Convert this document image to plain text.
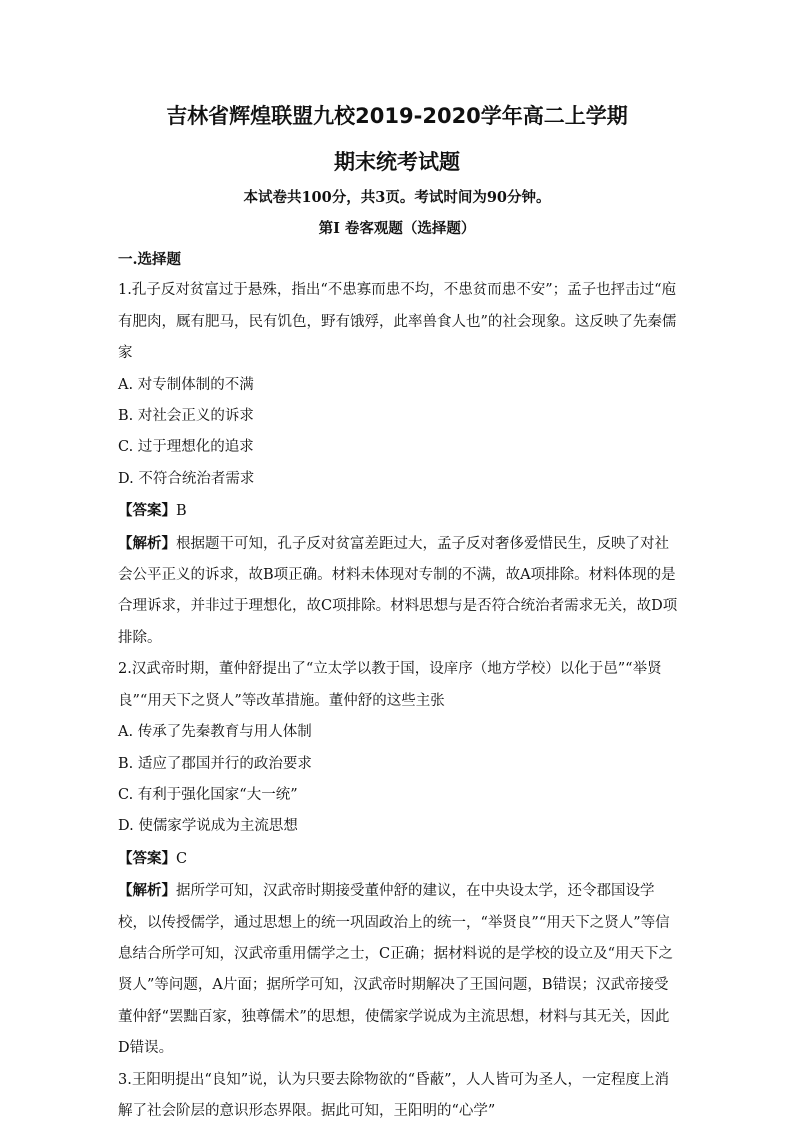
吉林省辉煌联盟九校2019-2020学年高二上学期
期末统考试题
本试卷共100分，共3页。考试时间为90分钟。
第Ⅰ 卷客观题（选择题）

一.选择题

1.孔子反对贫富过于悬殊，指出“不患寡而患不均，不患贫而患不安”；孟子也抨击过“庖有肥肉，厩有肥马，民有饥色，野有饿殍，此率兽食人也”的社会现象。这反映了先秦儒家

A. 对专制体制的不满

B. 对社会正义的诉求

C. 过于理想化的追求

D. 不符合统治者需求

【答案】B

【解析】根据题干可知，孔子反对贫富差距过大，孟子反对奢侈爱惜民生，反映了对社会公平正义的诉求，故B项正确。材料未体现对专制的不满，故A项排除。材料体现的是合理诉求，并非过于理想化，故C项排除。材料思想与是否符合统治者需求无关，故D项排除。

2.汉武帝时期，董仲舒提出了“立太学以教于国，设庠序（地方学校）以化于邑”“举贤良”“用天下之贤人”等改革措施。董仲舒的这些主张

A. 传承了先秦教育与用人体制

B. 适应了郡国并行的政治要求

C. 有利于强化国家“大一统”

D. 使儒家学说成为主流思想

【答案】C

【解析】据所学可知，汉武帝时期接受董仲舒的建议，在中央设太学，还令郡国设学校，以传授儒学，通过思想上的统一巩固政治上的统一，“举贤良”“用天下之贤人”等信息结合所学可知，汉武帝重用儒学之士，C正确；据材料说的是学校的设立及“用天下之贤人”等问题，A片面；据所学可知，汉武帝时期解决了王国问题，B错误；汉武帝接受董仲舒“罢黜百家，独尊儒术”的思想，使儒家学说成为主流思想，材料与其无关，因此D错误。

3.王阳明提出“良知”说，认为只要去除物欲的“昏蔽”，人人皆可为圣人，一定程度上消解了社会阶层的意识形态界限。据此可知，王阳明的“心学”
